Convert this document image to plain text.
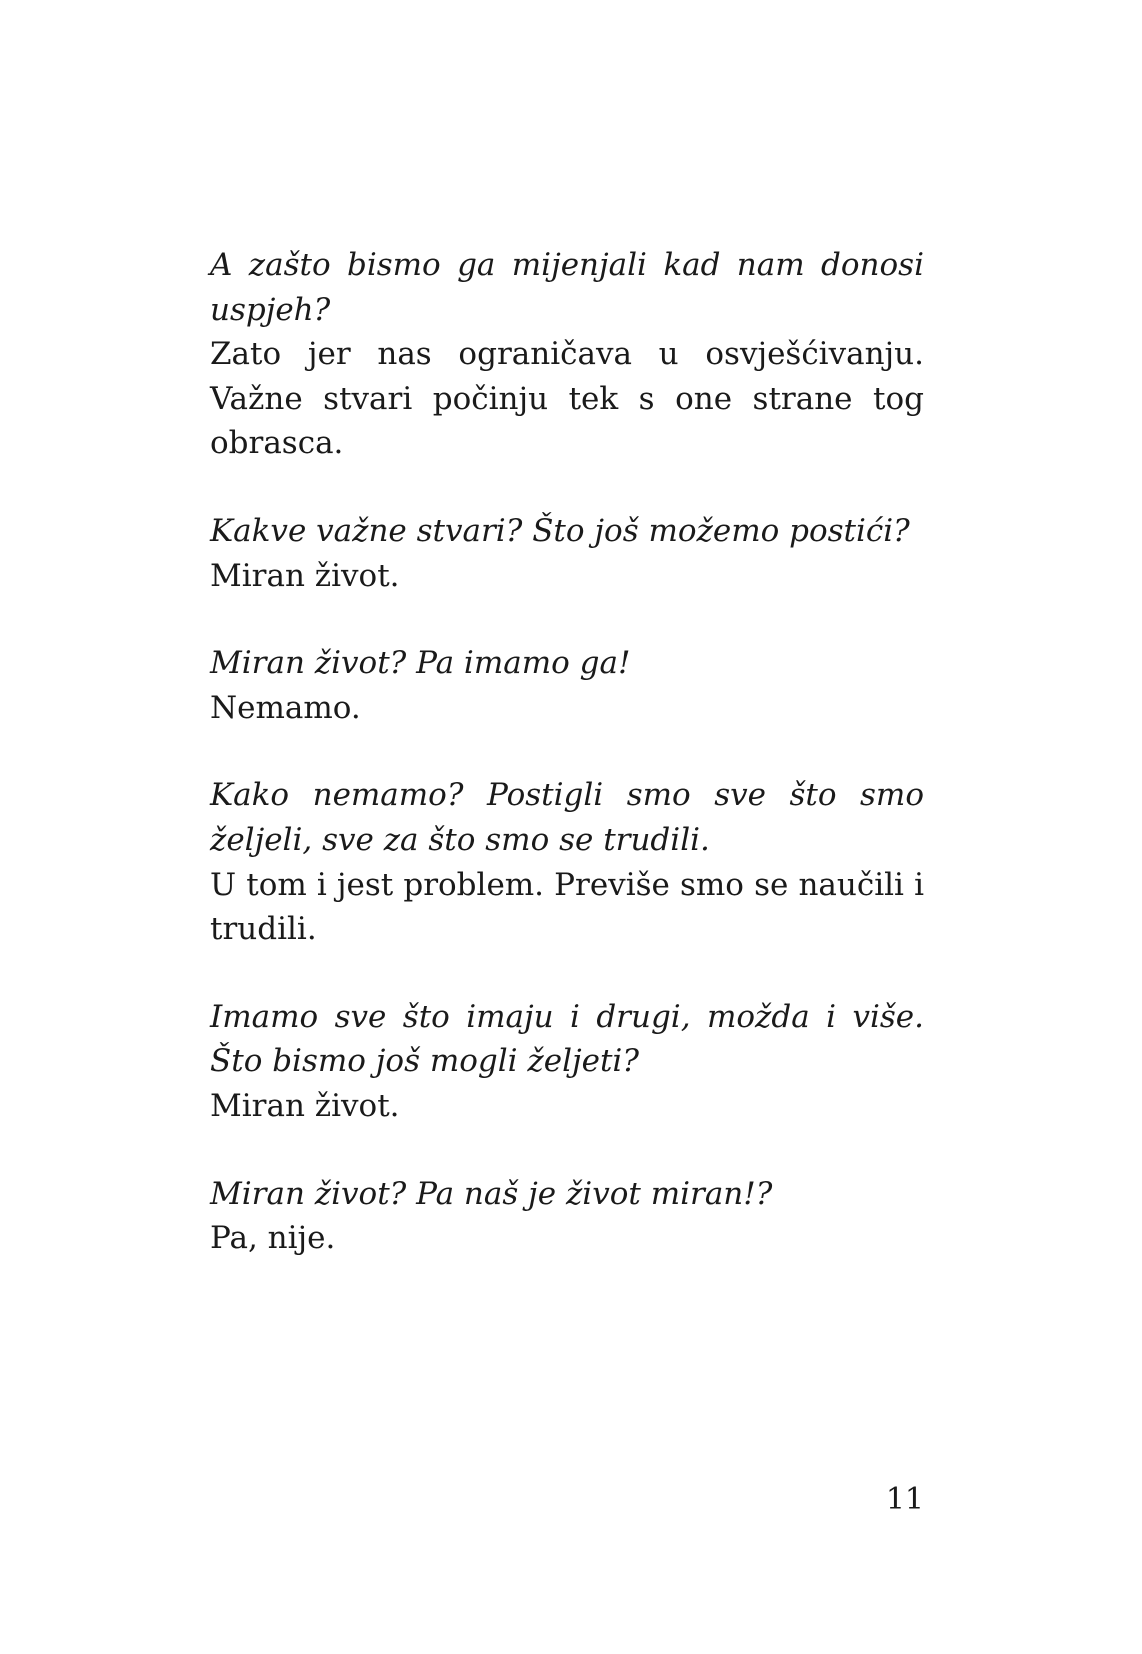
A zašto bismo ga mijenjali kad nam donosi uspjeh?

Zato jer nas ograničava u osvješćivanju. Važne stvari počinju tek s one strane tog obrasca.

Kakve važne stvari? Što još možemo postići?

Miran život.

Miran život? Pa imamo ga!

Nemamo.

Kako nemamo? Postigli smo sve što smo željeli, sve za što smo se trudili.

U tom i jest problem. Previše smo se naučili i trudili.

Imamo sve što imaju i drugi, možda i više. Što bismo još mogli željeti?

Miran život.

Miran život? Pa naš je život miran!?

Pa, nije.

11
